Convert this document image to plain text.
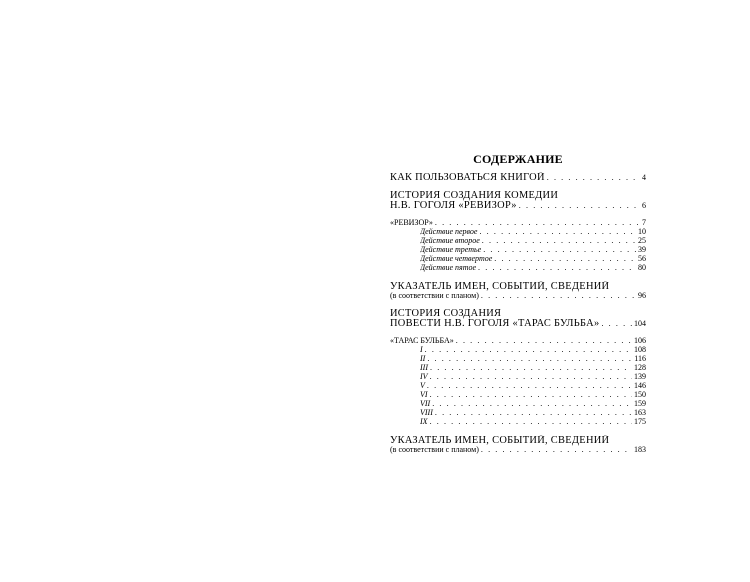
СОДЕРЖАНИЕ
КАК ПОЛЬЗОВАТЬСЯ КНИГОЙ . . .	4
ИСТОРИЯ СОЗДАНИЯ КОМЕДИИ
Н.В. ГОГОЛЯ «РЕВИЗОР» . . .	6
«РЕВИЗОР» . . .	7
Действие первое . . .	10
Действие второе . . .	25
Действие третье . . .	39
Действие четвертое . . .	56
Действие пятое . . .	80
УКАЗАТЕЛЬ ИМЕН, СОБЫТИЙ, СВЕДЕНИЙ
(в соответствии с планом) . . .	96
ИСТОРИЯ СОЗДАНИЯ
ПОВЕСТИ Н.В. ГОГОЛЯ «ТАРАС БУЛЬБА» . . .	104
«ТАРАС БУЛЬБА» . . .	106
I . . .	108
II . . .	116
III . . .	128
IV . . .	139
V . . .	146
VI . . .	150
VII . . .	159
VIII . . .	163
IX . . .	175
УКАЗАТЕЛЬ ИМЕН, СОБЫТИЙ, СВЕДЕНИЙ
(в соответствии с планом) . . .	183
